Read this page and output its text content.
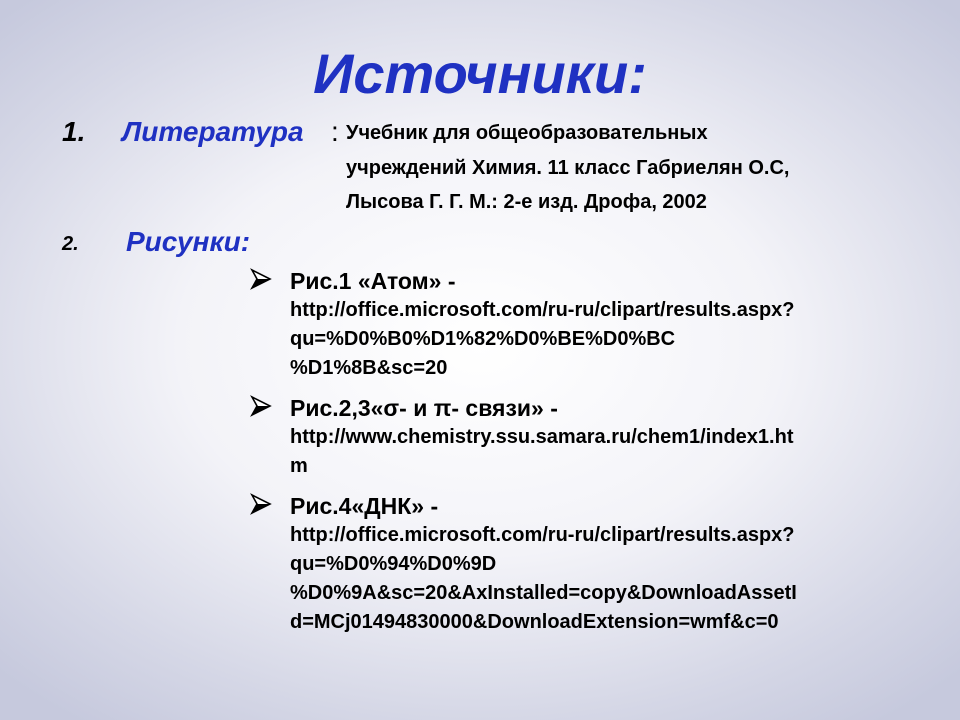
Источники:
1. Литература : Учебник для общеобразовательных
учреждений Химия. 11 класс Габриелян О.С,
Лысова Г. Г. М.: 2-е изд. Дрофа, 2002
2. Рисунки:
Рис.1 «Атом» -
http://office.microsoft.com/ru-ru/clipart/results.aspx?
qu=%D0%B0%D1%82%D0%BE%D0%BC
%D1%8B&sc=20
Рис.2,3«σ- и π- связи» -
http://www.chemistry.ssu.samara.ru/chem1/index1.ht
m
Рис.4«ДНК» -
http://office.microsoft.com/ru-ru/clipart/results.aspx?
qu=%D0%94%D0%9D
%D0%9A&sc=20&AxInstalled=copy&DownloadAssetI
d=MCj01494830000&DownloadExtension=wmf&c=0
